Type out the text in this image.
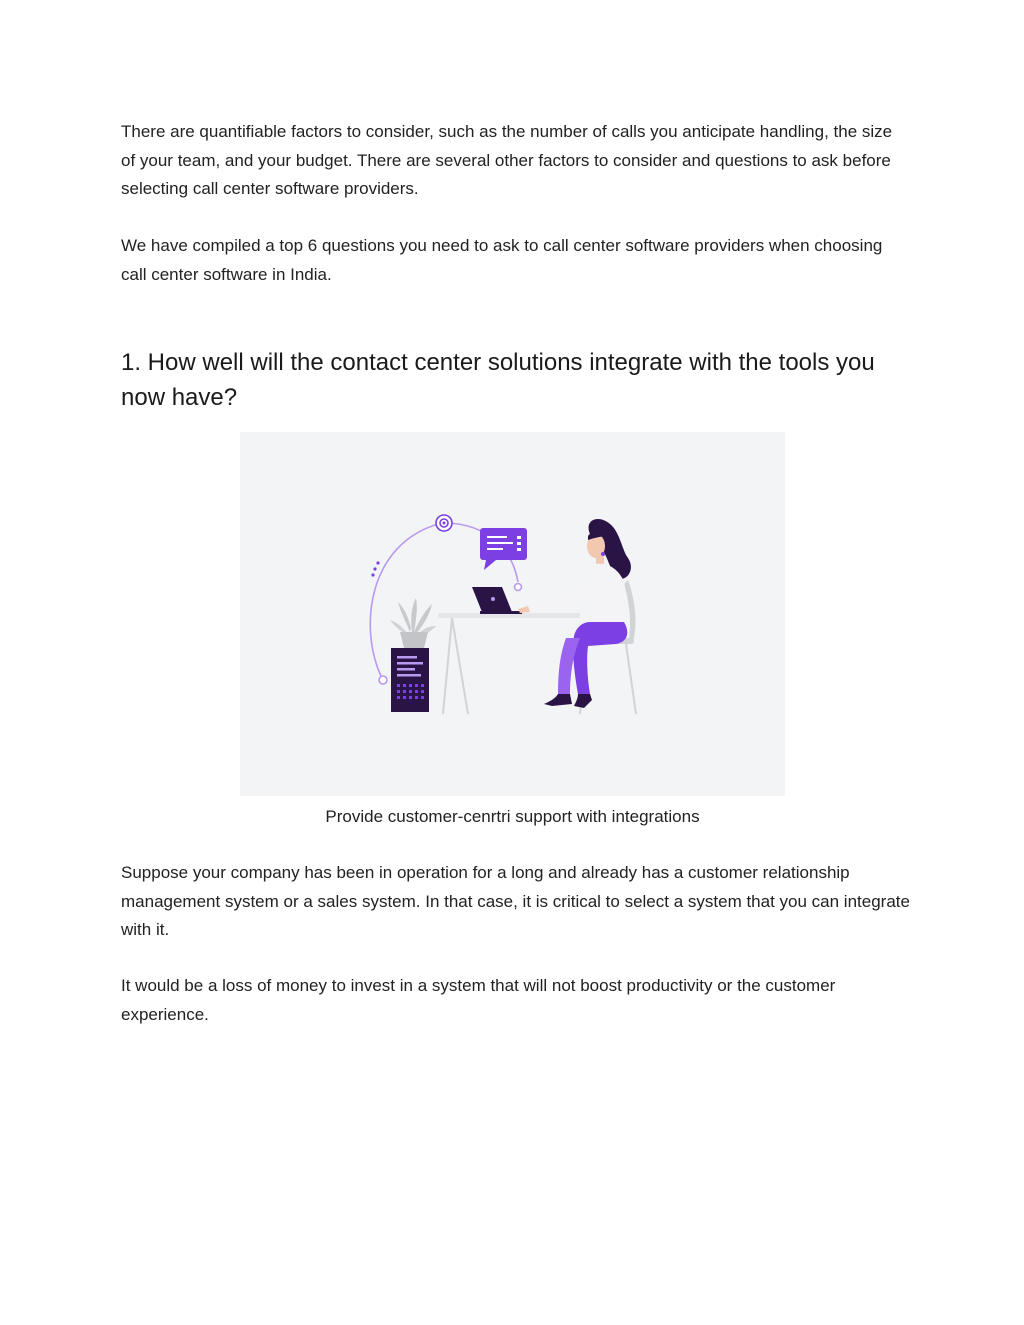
There are quantifiable factors to consider, such as the number of calls you anticipate handling, the size of your team, and your budget. There are several other factors to consider and questions to ask before selecting call center software providers.

We have compiled a top 6 questions you need to ask to call center software providers when choosing call center software in India.

1. How well will the contact center solutions integrate with the tools you now have?
Provide customer-cenrtri support with integrations

Suppose your company has been in operation for a long and already has a customer relationship management system or a sales system. In that case, it is critical to select a system that you can integrate with it.

It would be a loss of money to invest in a system that will not boost productivity or the customer experience.
